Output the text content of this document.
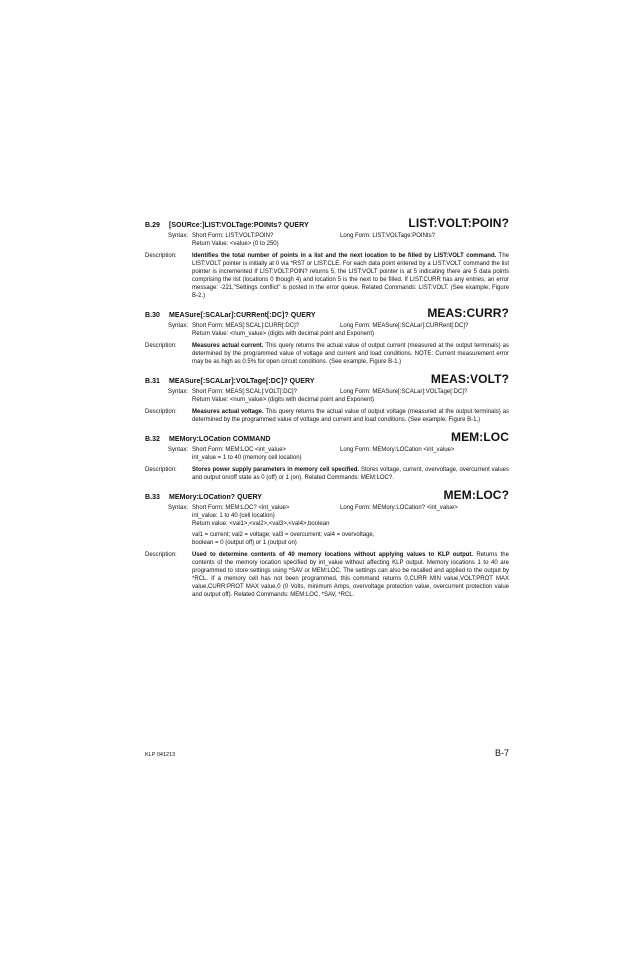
B.29 [SOURce:]LIST:VOLTage:POINts? QUERY	LIST:VOLT:POIN?
Syntax: Short Form: LIST:VOLT:POIN?	Long Form: LIST:VOLTage:POINts?
Return Value: <value> (0 to 250)
Description:	Identifies the total number of points in a list and the next location to be filled by LIST:VOLT command. The LIST:VOLT pointer is initially at 0 via *RST or LIST:CLE. For each data point entered by a LIST:VOLT command the list pointer is incremented If LIST:VOLT:POIN? returns 5, the LIST:VOLT pointer is at 5 indicating there are 5 data points comprising the list (locations 0 though 4) and location 5 is the next to be filled. If LIST:CURR has any entries, an error message: -221,"Settings conflict" is posted in the error queue. Related Commands: LIST:VOLT. (See example, Figure B-2.)
B.30 MEASure[:SCALar]:CURRent[:DC]? QUERY	MEAS:CURR?
Syntax: Short Form: MEAS[:SCAL]:CURR[:DC]?	Long Form: MEASure[:SCALar]:CURRent[:DC]?
Return Value: <num_value> (digits with decimal point and Exponent)
Description:	Measures actual current. This query returns the actual value of output current (measured at the output terminals) as determined by the programmed value of voltage and current and load conditions. NOTE: Current measurement error may be as high as 0.5% for open circuit conditions. (See example, Figure B-1.)
B.31 MEASure[:SCALar]:VOLTage[:DC]? QUERY	MEAS:VOLT?
Syntax: Short Form: MEAS[:SCAL]:VOLT[:DC]?	Long Form: MEASure[:SCALar]:VOLTage[:DC]?
Return Value: <num_value> (digits with decimal point and Exponent)
Description:	Measures actual voltage. This query returns the actual value of output voltage (measured at the output terminals) as determined by the programmed value of voltage and current and load conditions. (See example, Figure B-1.)
B.32 MEMory:LOCation COMMAND	MEM:LOC
Syntax: Short Form: MEM:LOC <int_value>	Long Form: MEMory:LOCation <int_value>
int_value = 1 to 40 (memory cell location)
Description:	Stores power supply parameters in memory cell specified. Stores voltage, current, overvoltage, overcurrent values and output on/off state as 0 (off) or 1 (on). Related Commands: MEM:LOC?.
B.33 MEMory:LOCation? QUERY	MEM:LOC?
Syntax: Short Form: MEM:LOC? <int_value>	Long Form: MEMory:LOCation? <int_value>
int_value: 1 to 40 (cell location)
Return value: <val1>,<val2>,<val3>,<val4>,boolean
val1 = current; val2 = voltage; val3 = overcurrent; val4 = overvoltage,
boolean = 0 (output off) or 1 (output on)
Description:	Used to determine contents of 40 memory locations without applying values to KLP output. Returns the contents of the memory location specified by int_value without affecting KLP output. Memory locations 1 to 40 are programmed to store settings using *SAV or MEM:LOC. The settings can also be recalled and applied to the output by *RCL. If a memory cell has not been programmed, this command returns 0,CURR MIN value,VOLT:PROT MAX value,CURR:PROT MAX value,0 (0 Volts, minimum Amps, overvoltage protection value, overcurrent protection value and output off). Related Commands: MEM:LOC, *SAV, *RCL.
KLP 041213	B-7
